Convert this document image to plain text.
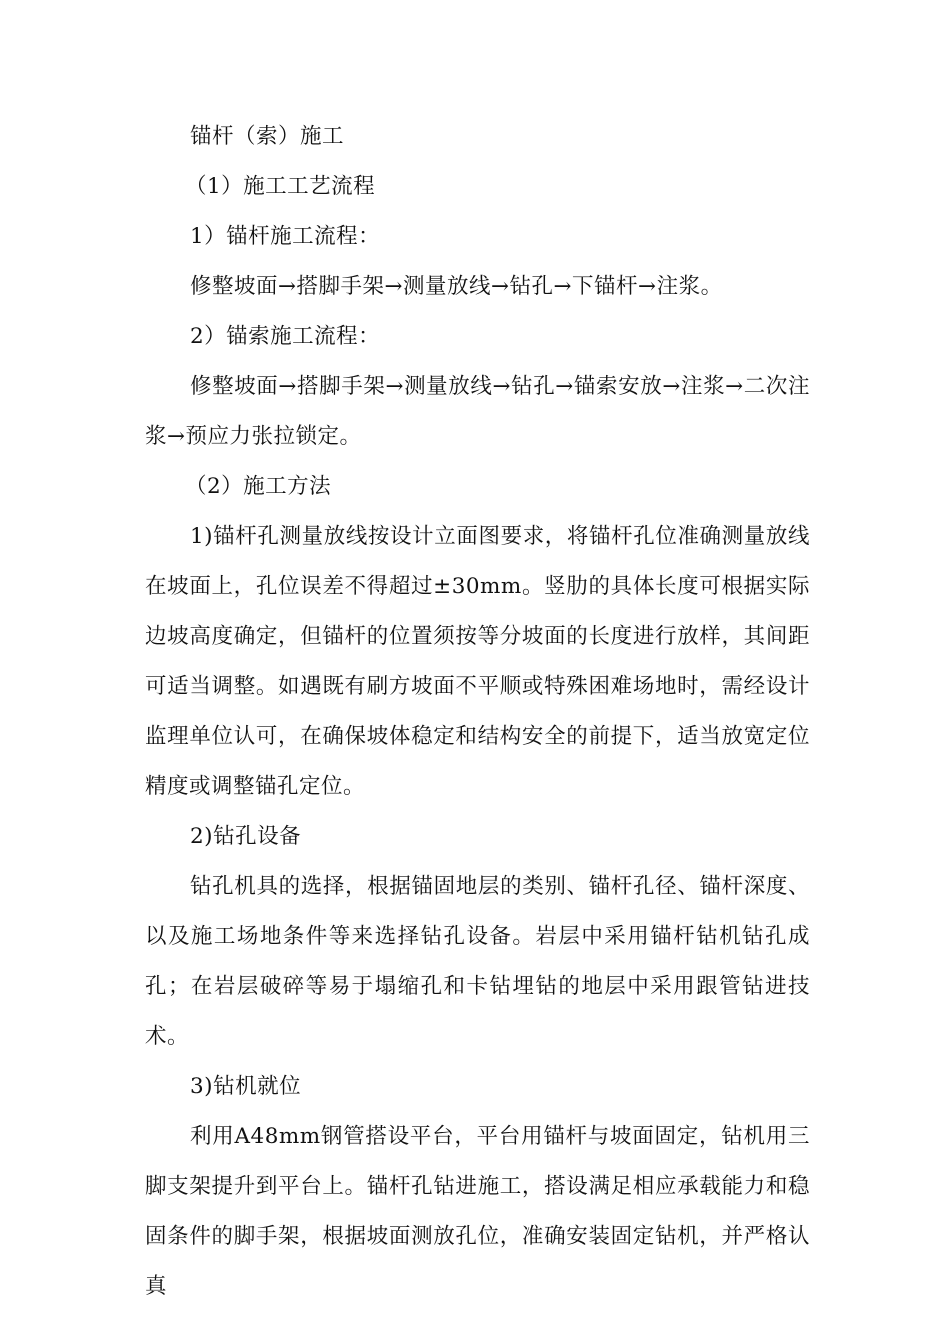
锚杆（索）施工
（1）施工工艺流程
1）锚杆施工流程：
修整坡面→搭脚手架→测量放线→钻孔→下锚杆→注浆。
2）锚索施工流程：
修整坡面→搭脚手架→测量放线→钻孔→锚索安放→注浆→二次注浆→预应力张拉锁定。
（2）施工方法
1)锚杆孔测量放线按设计立面图要求，将锚杆孔位准确测量放线在坡面上，孔位误差不得超过±30mm。竖肋的具体长度可根据实际边坡高度确定，但锚杆的位置须按等分坡面的长度进行放样，其间距可适当调整。如遇既有刷方坡面不平顺或特殊困难场地时，需经设计监理单位认可，在确保坡体稳定和结构安全的前提下，适当放宽定位精度或调整锚孔定位。
2)钻孔设备
钻孔机具的选择，根据锚固地层的类别、锚杆孔径、锚杆深度、以及施工场地条件等来选择钻孔设备。岩层中采用锚杆钻机钻孔成孔；在岩层破碎等易于塌缩孔和卡钻埋钻的地层中采用跟管钻进技术。
3)钻机就位
利用A48mm钢管搭设平台，平台用锚杆与坡面固定，钻机用三脚支架提升到平台上。锚杆孔钻进施工，搭设满足相应承载能力和稳固条件的脚手架，根据坡面测放孔位，准确安装固定钻机，并严格认真
